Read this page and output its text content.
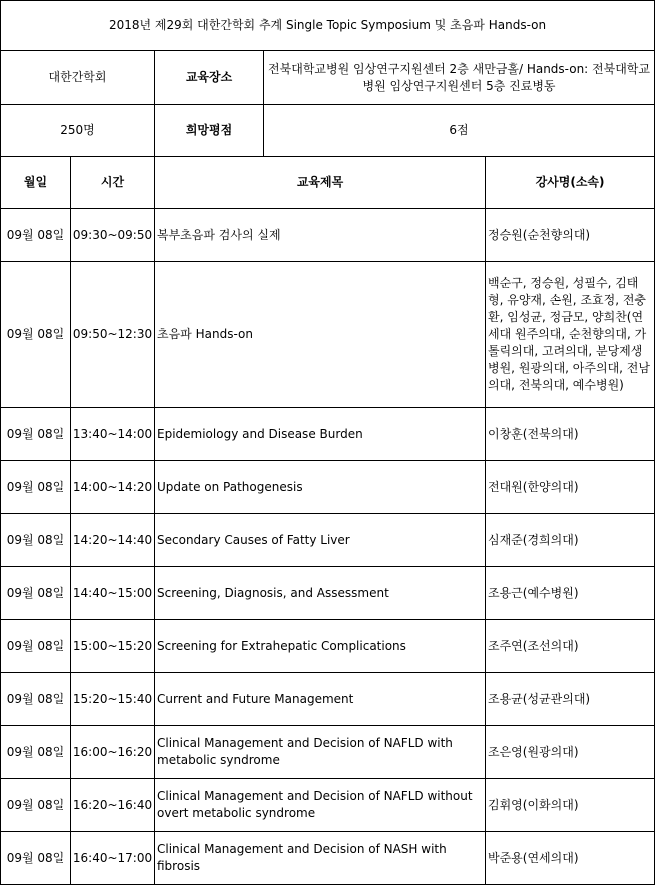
2018년 제29회 대한간학회 추계 Single Topic Symposium 및 초음파 Hands-on				
대한간학회		교육장소	전북대학교병원 임상연구지원센터 2층 새만금홀/ Hands-on: 전북대학교병원 임상연구지원센터 5층 진료병동	
250명		희망평점	6점	
월일	시간	교육제목		강사명(소속)
09월 08일	09:30~09:50	복부초음파 검사의 실제		정승원(순천향의대)
09월 08일	09:50~12:30	초음파 Hands-on		백순구, 정승원, 성필수, 김태형, 유양재, 손원, 조효정, 전충환, 임성균, 정금모, 양희찬(연세대 원주의대, 순천향의대, 가톨릭의대, 고려의대, 분당제생병원, 원광의대, 아주의대, 전남의대, 전북의대, 예수병원)
09월 08일	13:40~14:00	Epidemiology and Disease Burden		이창훈(전북의대)
09월 08일	14:00~14:20	Update on Pathogenesis		전대원(한양의대)
09월 08일	14:20~14:40	Secondary Causes of Fatty Liver		심재준(경희의대)
09월 08일	14:40~15:00	Screening, Diagnosis, and Assessment		조용근(예수병원)
09월 08일	15:00~15:20	Screening for Extrahepatic Complications		조주연(조선의대)
09월 08일	15:20~15:40	Current and Future Management		조용균(성균관의대)
09월 08일	16:00~16:20	Clinical Management and Decision of NAFLD with metabolic syndrome		조은영(원광의대)
09월 08일	16:20~16:40	Clinical Management and Decision of NAFLD without overt metabolic syndrome		김휘영(이화의대)
09월 08일	16:40~17:00	Clinical Management and Decision of NASH with fibrosis		박준용(연세의대)
